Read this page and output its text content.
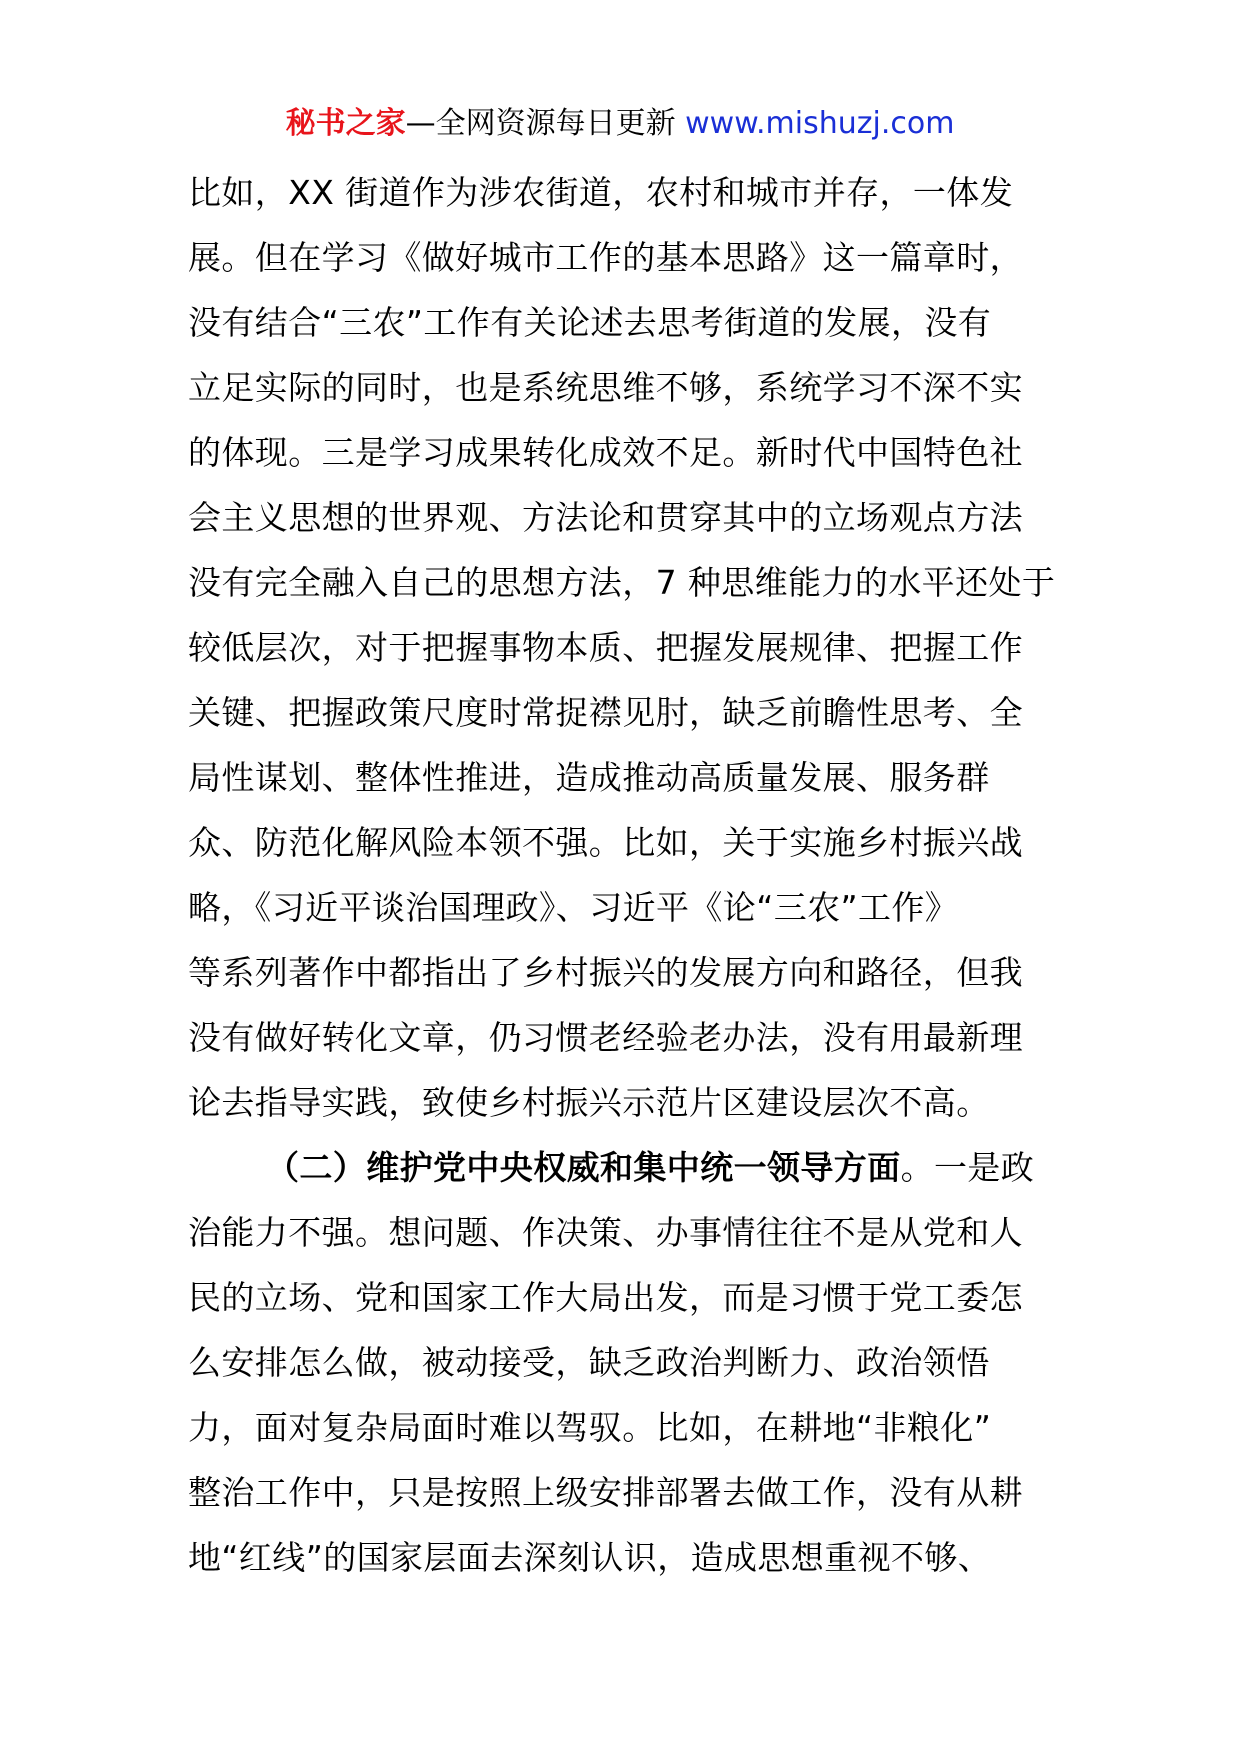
秘书之家—全网资源每日更新 www.mishuzj.com
比如，XX 街道作为涉农街道，农村和城市并存，一体发
展。但在学习《做好城市工作的基本思路》这一篇章时，
没有结合“三农”工作有关论述去思考街道的发展，没有
立足实际的同时，也是系统思维不够，系统学习不深不实
的体现。三是学习成果转化成效不足。新时代中国特色社
会主义思想的世界观、方法论和贯穿其中的立场观点方法
没有完全融入自己的思想方法，7 种思维能力的水平还处于
较低层次，对于把握事物本质、把握发展规律、把握工作
关键、把握政策尺度时常捉襟见肘，缺乏前瞻性思考、全
局性谋划、整体性推进，造成推动高质量发展、服务群
众、防范化解风险本领不强。比如，关于实施乡村振兴战
略，《习近平谈治国理政》、习近平《论“三农”工作》
等系列著作中都指出了乡村振兴的发展方向和路径，但我
没有做好转化文章，仍习惯老经验老办法，没有用最新理
论去指导实践，致使乡村振兴示范片区建设层次不高。
（二）维护党中央权威和集中统一领导方面。一是政
治能力不强。想问题、作决策、办事情往往不是从党和人
民的立场、党和国家工作大局出发，而是习惯于党工委怎
么安排怎么做，被动接受，缺乏政治判断力、政治领悟
力，面对复杂局面时难以驾驭。比如，在耕地“非粮化”
整治工作中，只是按照上级安排部署去做工作，没有从耕
地“红线”的国家层面去深刻认识，造成思想重视不够、
